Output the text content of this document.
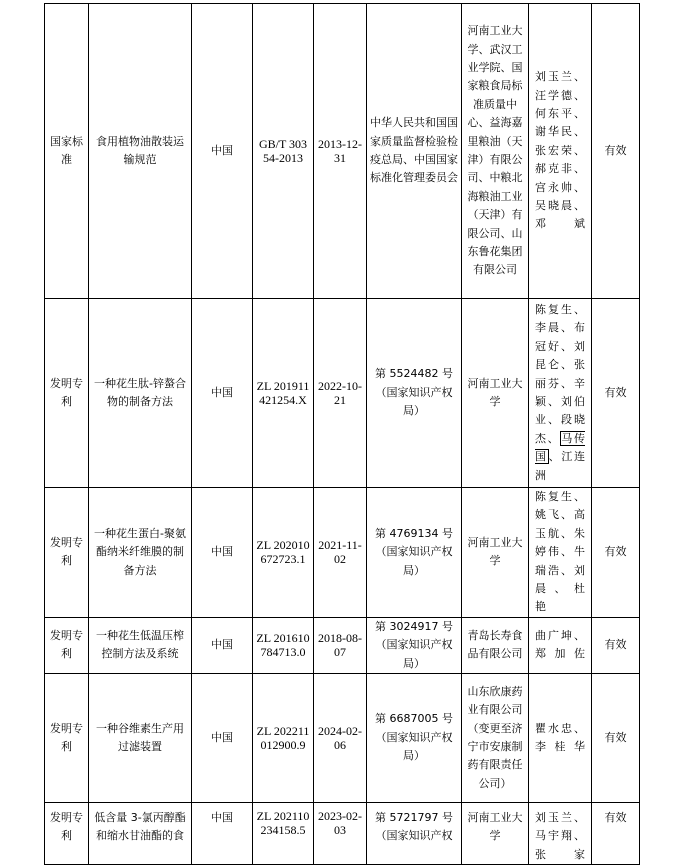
国家标准	食用植物油散装运输规范	中国	GB/T 30354-2013	2013-12-31	中华人民共和国国家质量监督检验检疫总局、中国国家标准化管理委员会	河南工业大学、武汉工业学院、国家粮食局标准质量中心、益海嘉里粮油（天津）有限公司、中粮北海粮油工业（天津）有限公司、山东鲁花集团有限公司	刘玉兰、汪学德、何东平、谢华民、张宏荣、郝克非、宫永帅、吴晓晨、邓　斌	有效
发明专利	一种花生肽-锌螯合物的制备方法	中国	ZL 201911421254.X	2022-10-21	第 5524482 号（国家知识产权局）	河南工业大学	陈复生、李晨、布冠好、刘昆仑、张丽芬、辛颖、刘伯业、段晓杰、马传国、江连洲	有效
发明专利	一种花生蛋白-聚氨酯纳米纤维膜的制备方法	中国	ZL 202010672723.1	2021-11-02	第 4769134 号（国家知识产权局）	河南工业大学	陈复生、姚飞、高玉航、朱婷伟、牛瑞浩、刘晨、杜　艳	有效
发明专利	一种花生低温压榨控制方法及系统	中国	ZL 201610784713.0	2018-08-07	第 3024917 号（国家知识产权局）	青岛长寿食品有限公司	曲广坤、郑加佐	有效
发明专利	一种谷维素生产用过滤装置	中国	ZL 202211012900.9	2024-02-06	第 6687005 号（国家知识产权局）	山东欣康药业有限公司（变更至济宁市安康制药有限责任公司）	瞿水忠、李桂华	有效
发明专利	低含量 3-氯丙醇酯和缩水甘油酯的食	中国	ZL 202110234158.5	2023-02-03	第 5721797 号（国家知识产权	河南工业大学	刘玉兰、马宇翔、张家	有效
